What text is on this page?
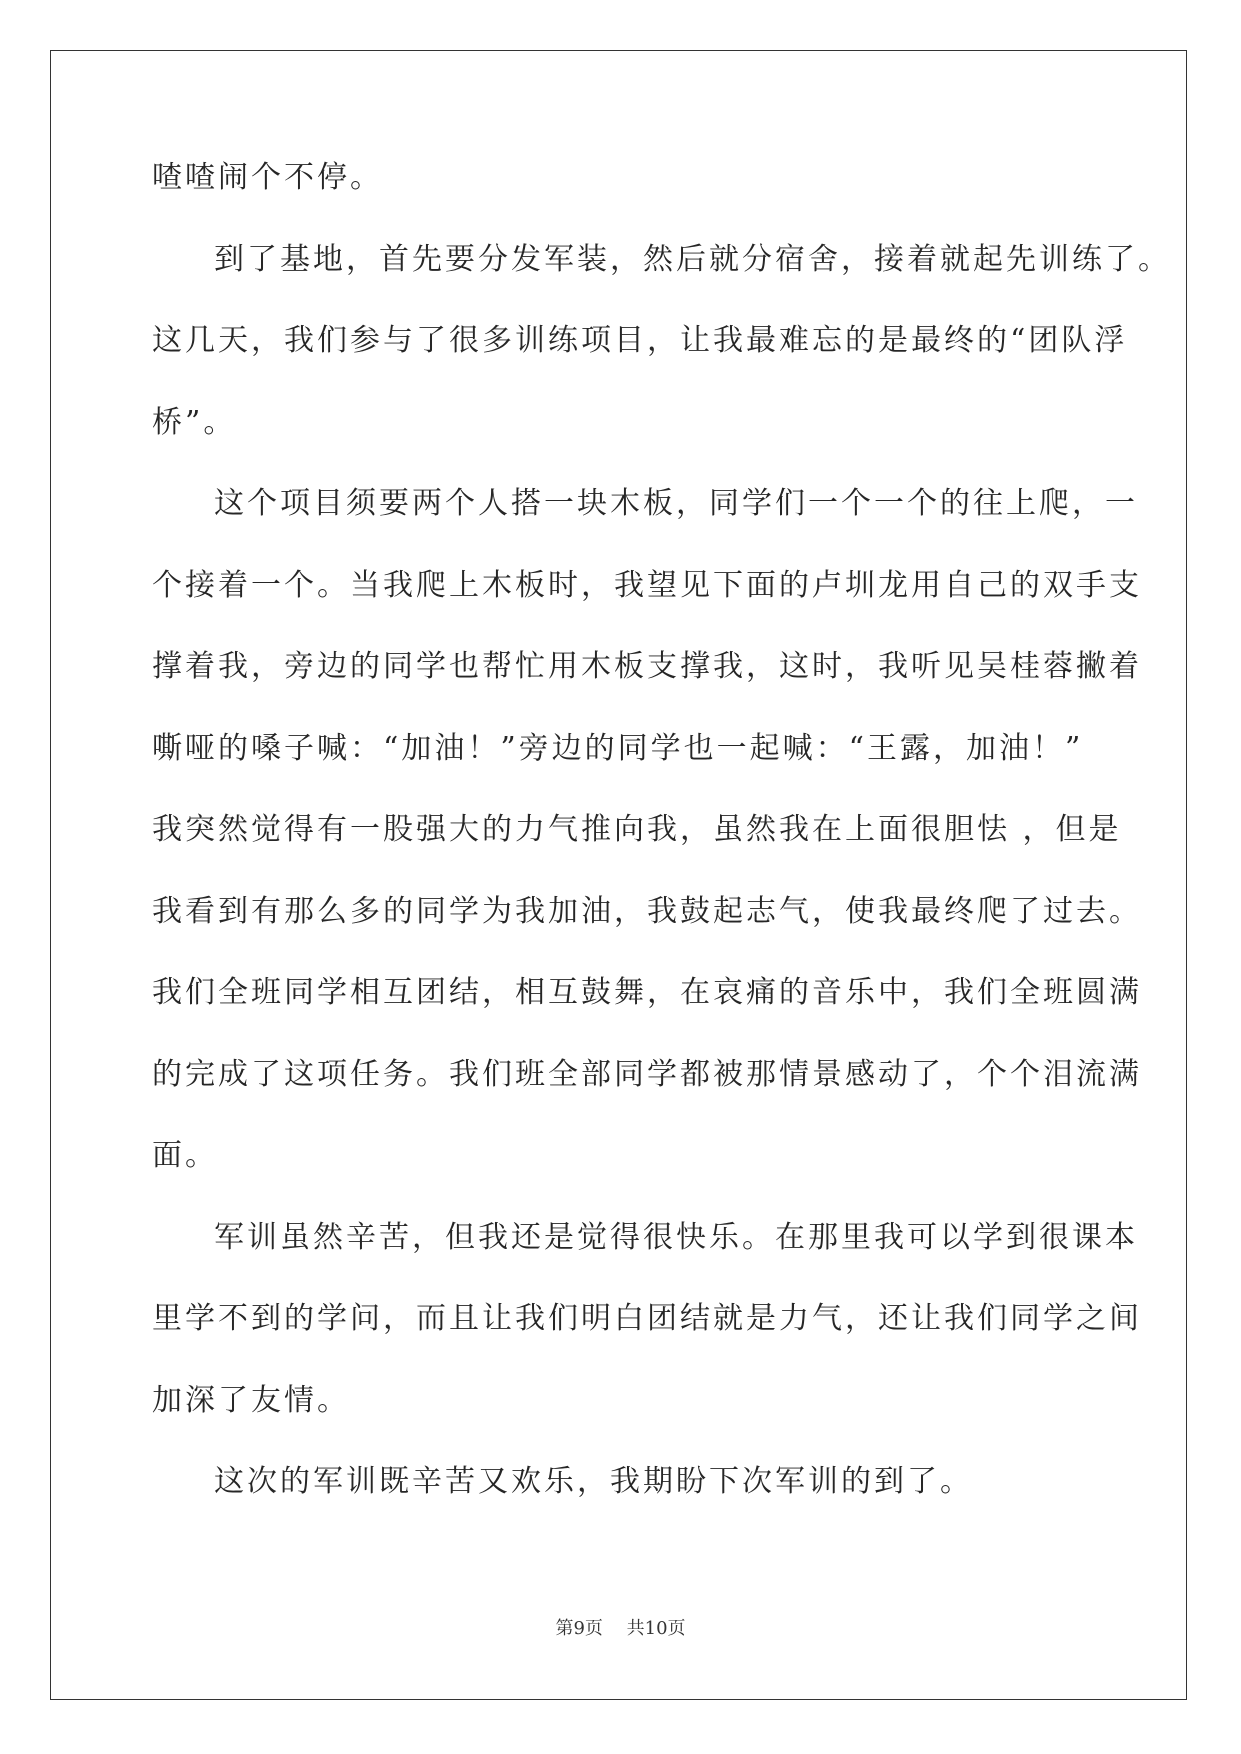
喳喳闹个不停。
到了基地，首先要分发军装，然后就分宿舍，接着就起先训练了。
这几天，我们参与了很多训练项目，让我最难忘的是最终的“团队浮
桥”。
这个项目须要两个人搭一块木板，同学们一个一个的往上爬，一
个接着一个。当我爬上木板时，我望见下面的卢圳龙用自己的双手支
撑着我，旁边的同学也帮忙用木板支撑我，这时，我听见吴桂蓉撇着
嘶哑的嗓子喊：“加油！”旁边的同学也一起喊：“王露，加油！”
我突然觉得有一股强大的力气推向我，虽然我在上面很胆怯 ，但是
我看到有那么多的同学为我加油，我鼓起志气，使我最终爬了过去。
我们全班同学相互团结，相互鼓舞，在哀痛的音乐中，我们全班圆满
的完成了这项任务。我们班全部同学都被那情景感动了，个个泪流满
面。
军训虽然辛苦，但我还是觉得很快乐。在那里我可以学到很课本
里学不到的学问，而且让我们明白团结就是力气，还让我们同学之间
加深了友情。
这次的军训既辛苦又欢乐，我期盼下次军训的到了。
第9页 共10页
